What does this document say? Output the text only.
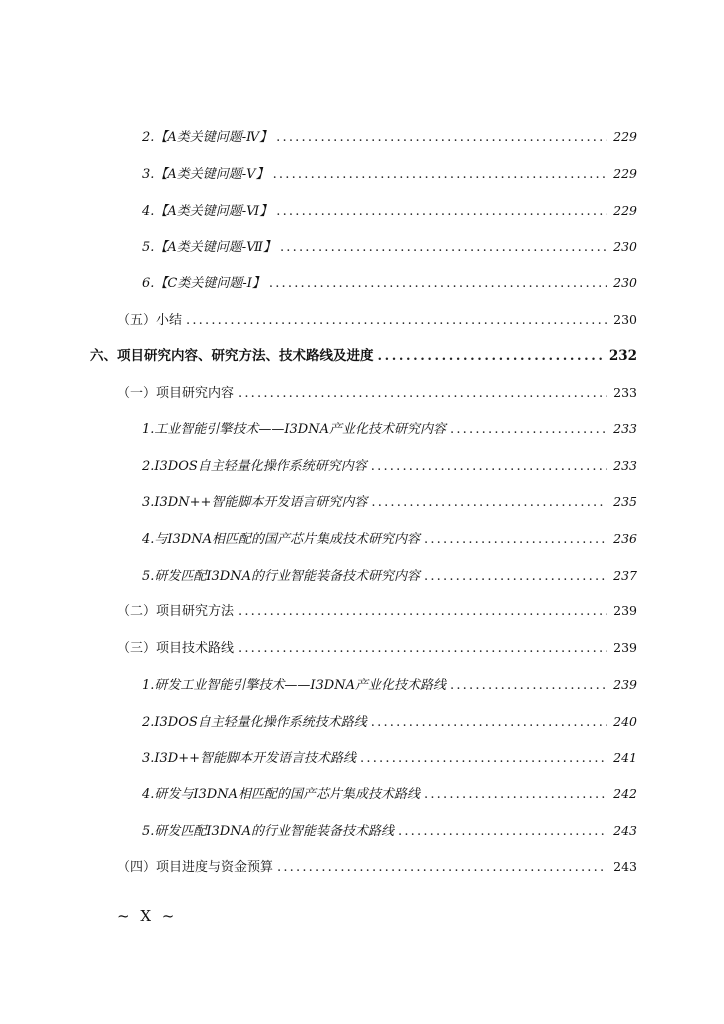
2.【A类关键问题-Ⅳ】 .....	229
3.【A类关键问题-Ⅴ】 .....	229
4.【A类关键问题-Ⅵ】 .....	229
5.【A类关键问题-Ⅶ】 .....	230
6.【C类关键问题-Ⅰ】 .....	230
（五）小结 .....	230
六、项目研究内容、研究方法、技术路线及进度 .....	232
（一）项目研究内容 .....	233
1.工业智能引擎技术——I3DNA产业化技术研究内容 .....	233
2.I3DOS自主轻量化操作系统研究内容 .....	233
3.I3DN++智能脚本开发语言研究内容 .....	235
4.与I3DNA相匹配的国产芯片集成技术研究内容 .....	236
5.研发匹配I3DNA的行业智能装备技术研究内容 .....	237
（二）项目研究方法 .....	239
（三）项目技术路线 .....	239
1.研发工业智能引擎技术——I3DNA产业化技术路线 .....	239
2.I3DOS自主轻量化操作系统技术路线 .....	240
3.I3D++智能脚本开发语言技术路线 .....	241
4.研发与I3DNA相匹配的国产芯片集成技术路线 .....	242
5.研发匹配I3DNA的行业智能装备技术路线 .....	243
（四）项目进度与资金预算 .....	243
~ Ⅹ ~
